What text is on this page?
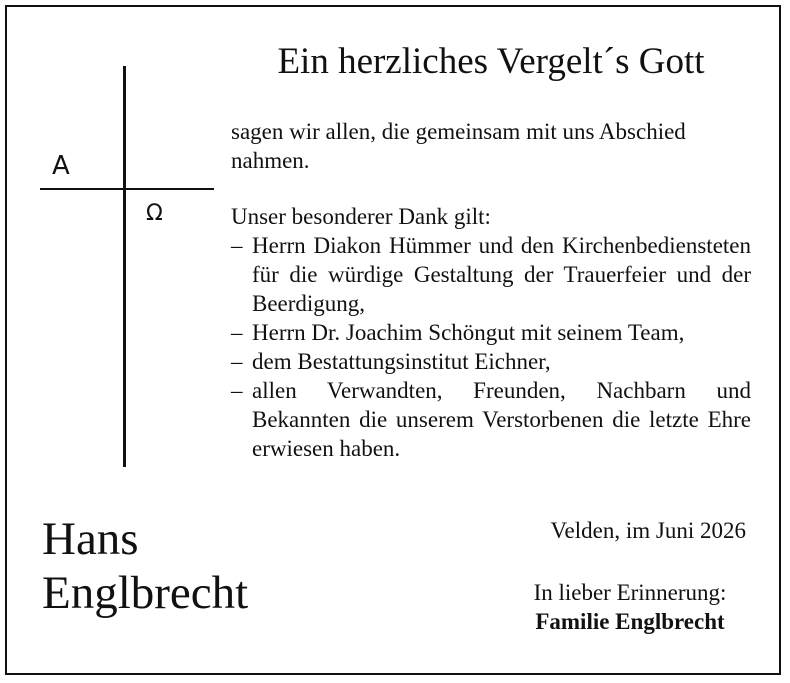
A
Ω
Ein herzliches Vergelt´s Gott

sagen wir allen, die gemeinsam mit uns Abschied nahmen.

Unser besonderer Dank gilt:
– Herrn Diakon Hümmer und den Kirchenbediensteten für die würdige Gestaltung der Trauerfeier und der Beerdigung,
– Herrn Dr. Joachim Schöngut mit seinem Team,
– dem Bestattungsinstitut Eichner,
– allen Verwandten, Freunden, Nachbarn und Bekannten die unserem Verstorbenen die letzte Ehre erwiesen haben.
Hans
Englbrecht
Velden, im Juni 2026
In lieber Erinnerung:
Familie Englbrecht
